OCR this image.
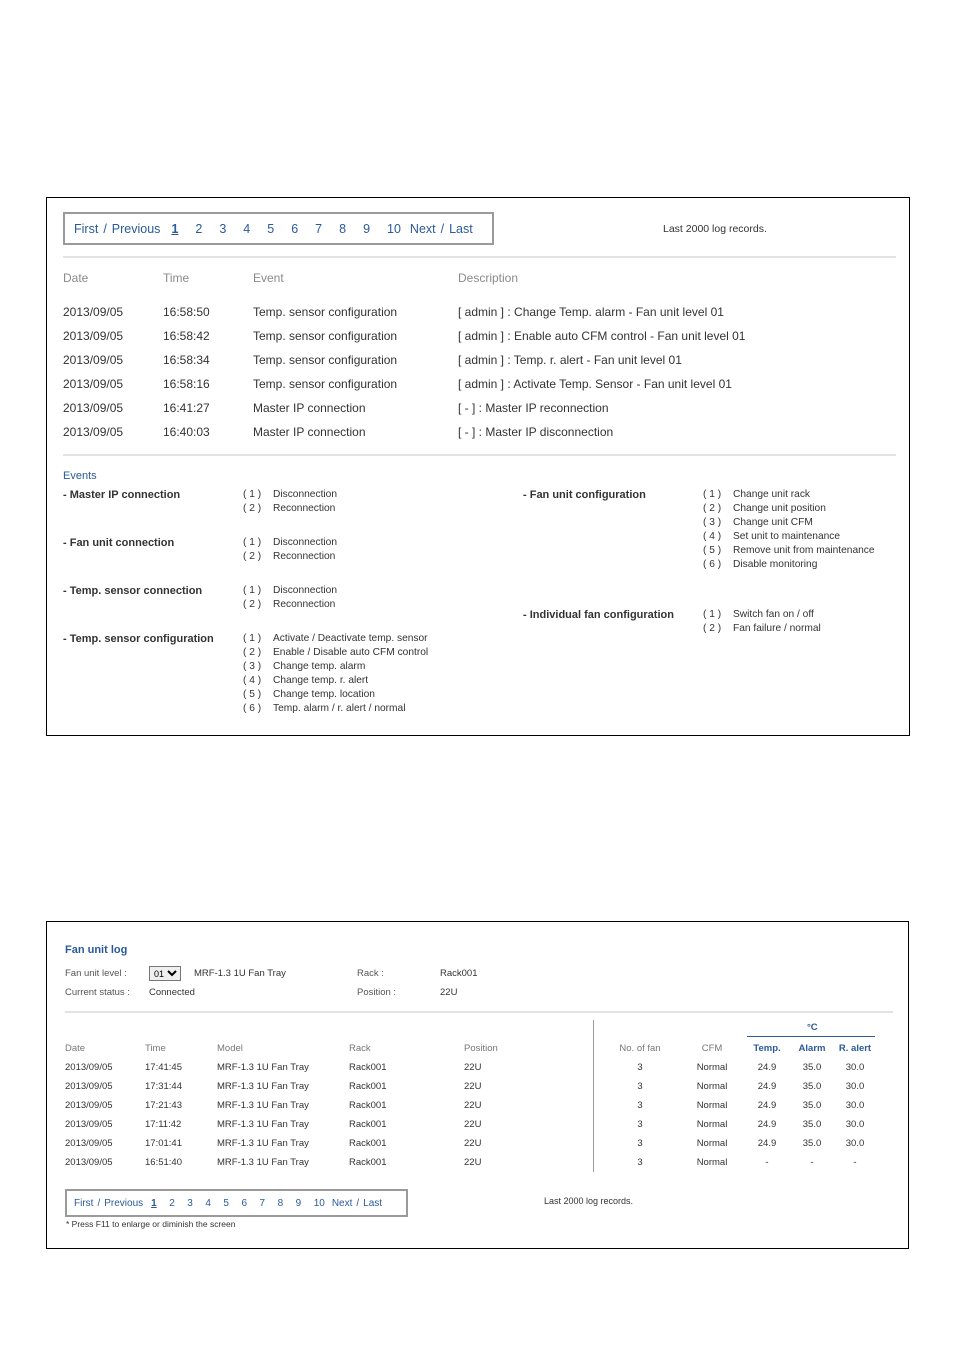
First / Previous 1 2 3 4 5 6 7 8 9 10 Next / Last	Last 2000 log records.
Date	Time	Event	Description
2013/09/05	16:58:50	Temp. sensor configuration	[ admin ] : Change Temp. alarm - Fan unit level 01
2013/09/05	16:58:42	Temp. sensor configuration	[ admin ] : Enable auto CFM control - Fan unit level 01
2013/09/05	16:58:34	Temp. sensor configuration	[ admin ] : Temp. r. alert - Fan unit level 01
2013/09/05	16:58:16	Temp. sensor configuration	[ admin ] : Activate Temp. Sensor - Fan unit level 01
2013/09/05	16:41:27	Master IP connection	[ - ] : Master IP reconnection
2013/09/05	16:40:03	Master IP connection	[ - ] : Master IP disconnection
Events
- Master IP connection	( 1 ) Disconnection
( 2 ) Reconnection
- Fan unit connection	( 1 ) Disconnection
( 2 ) Reconnection
- Temp. sensor connection	( 1 ) Disconnection
( 2 ) Reconnection
- Temp. sensor configuration	( 1 ) Activate / Deactivate temp. sensor
( 2 ) Enable / Disable auto CFM control
( 3 ) Change temp. alarm
( 4 ) Change temp. r. alert
( 5 ) Change temp. location
( 6 ) Temp. alarm / r. alert / normal
- Fan unit configuration	( 1 ) Change unit rack
( 2 ) Change unit position
( 3 ) Change unit CFM
( 4 ) Set unit to maintenance
( 5 ) Remove unit from maintenance
( 6 ) Disable monitoring
- Individual fan configuration	( 1 ) Switch fan on / off
( 2 ) Fan failure / normal
Fan unit log
Fan unit level :
01	MRF-1.3 1U Fan Tray	Rack :	Rack001
Current status : Connected	Position :	22U
°C
Date	Time	Model	Rack	Position	No. of fan	CFM	Temp.	Alarm	R. alert
2013/09/05	17:41:45	MRF-1.3 1U Fan Tray	Rack001	22U	3	Normal	24.9	35.0	30.0
2013/09/05	17:31:44	MRF-1.3 1U Fan Tray	Rack001	22U	3	Normal	24.9	35.0	30.0
2013/09/05	17:21:43	MRF-1.3 1U Fan Tray	Rack001	22U	3	Normal	24.9	35.0	30.0
2013/09/05	17:11:42	MRF-1.3 1U Fan Tray	Rack001	22U	3	Normal	24.9	35.0	30.0
2013/09/05	17:01:41	MRF-1.3 1U Fan Tray	Rack001	22U	3	Normal	24.9	35.0	30.0
2013/09/05	16:51:40	MRF-1.3 1U Fan Tray	Rack001	22U	3	Normal	-	-	-
First / Previous 1 2 3 4 5 6 7 8 9 10 Next / Last	Last 2000 log records.
* Press F11 to enlarge or diminish the screen
